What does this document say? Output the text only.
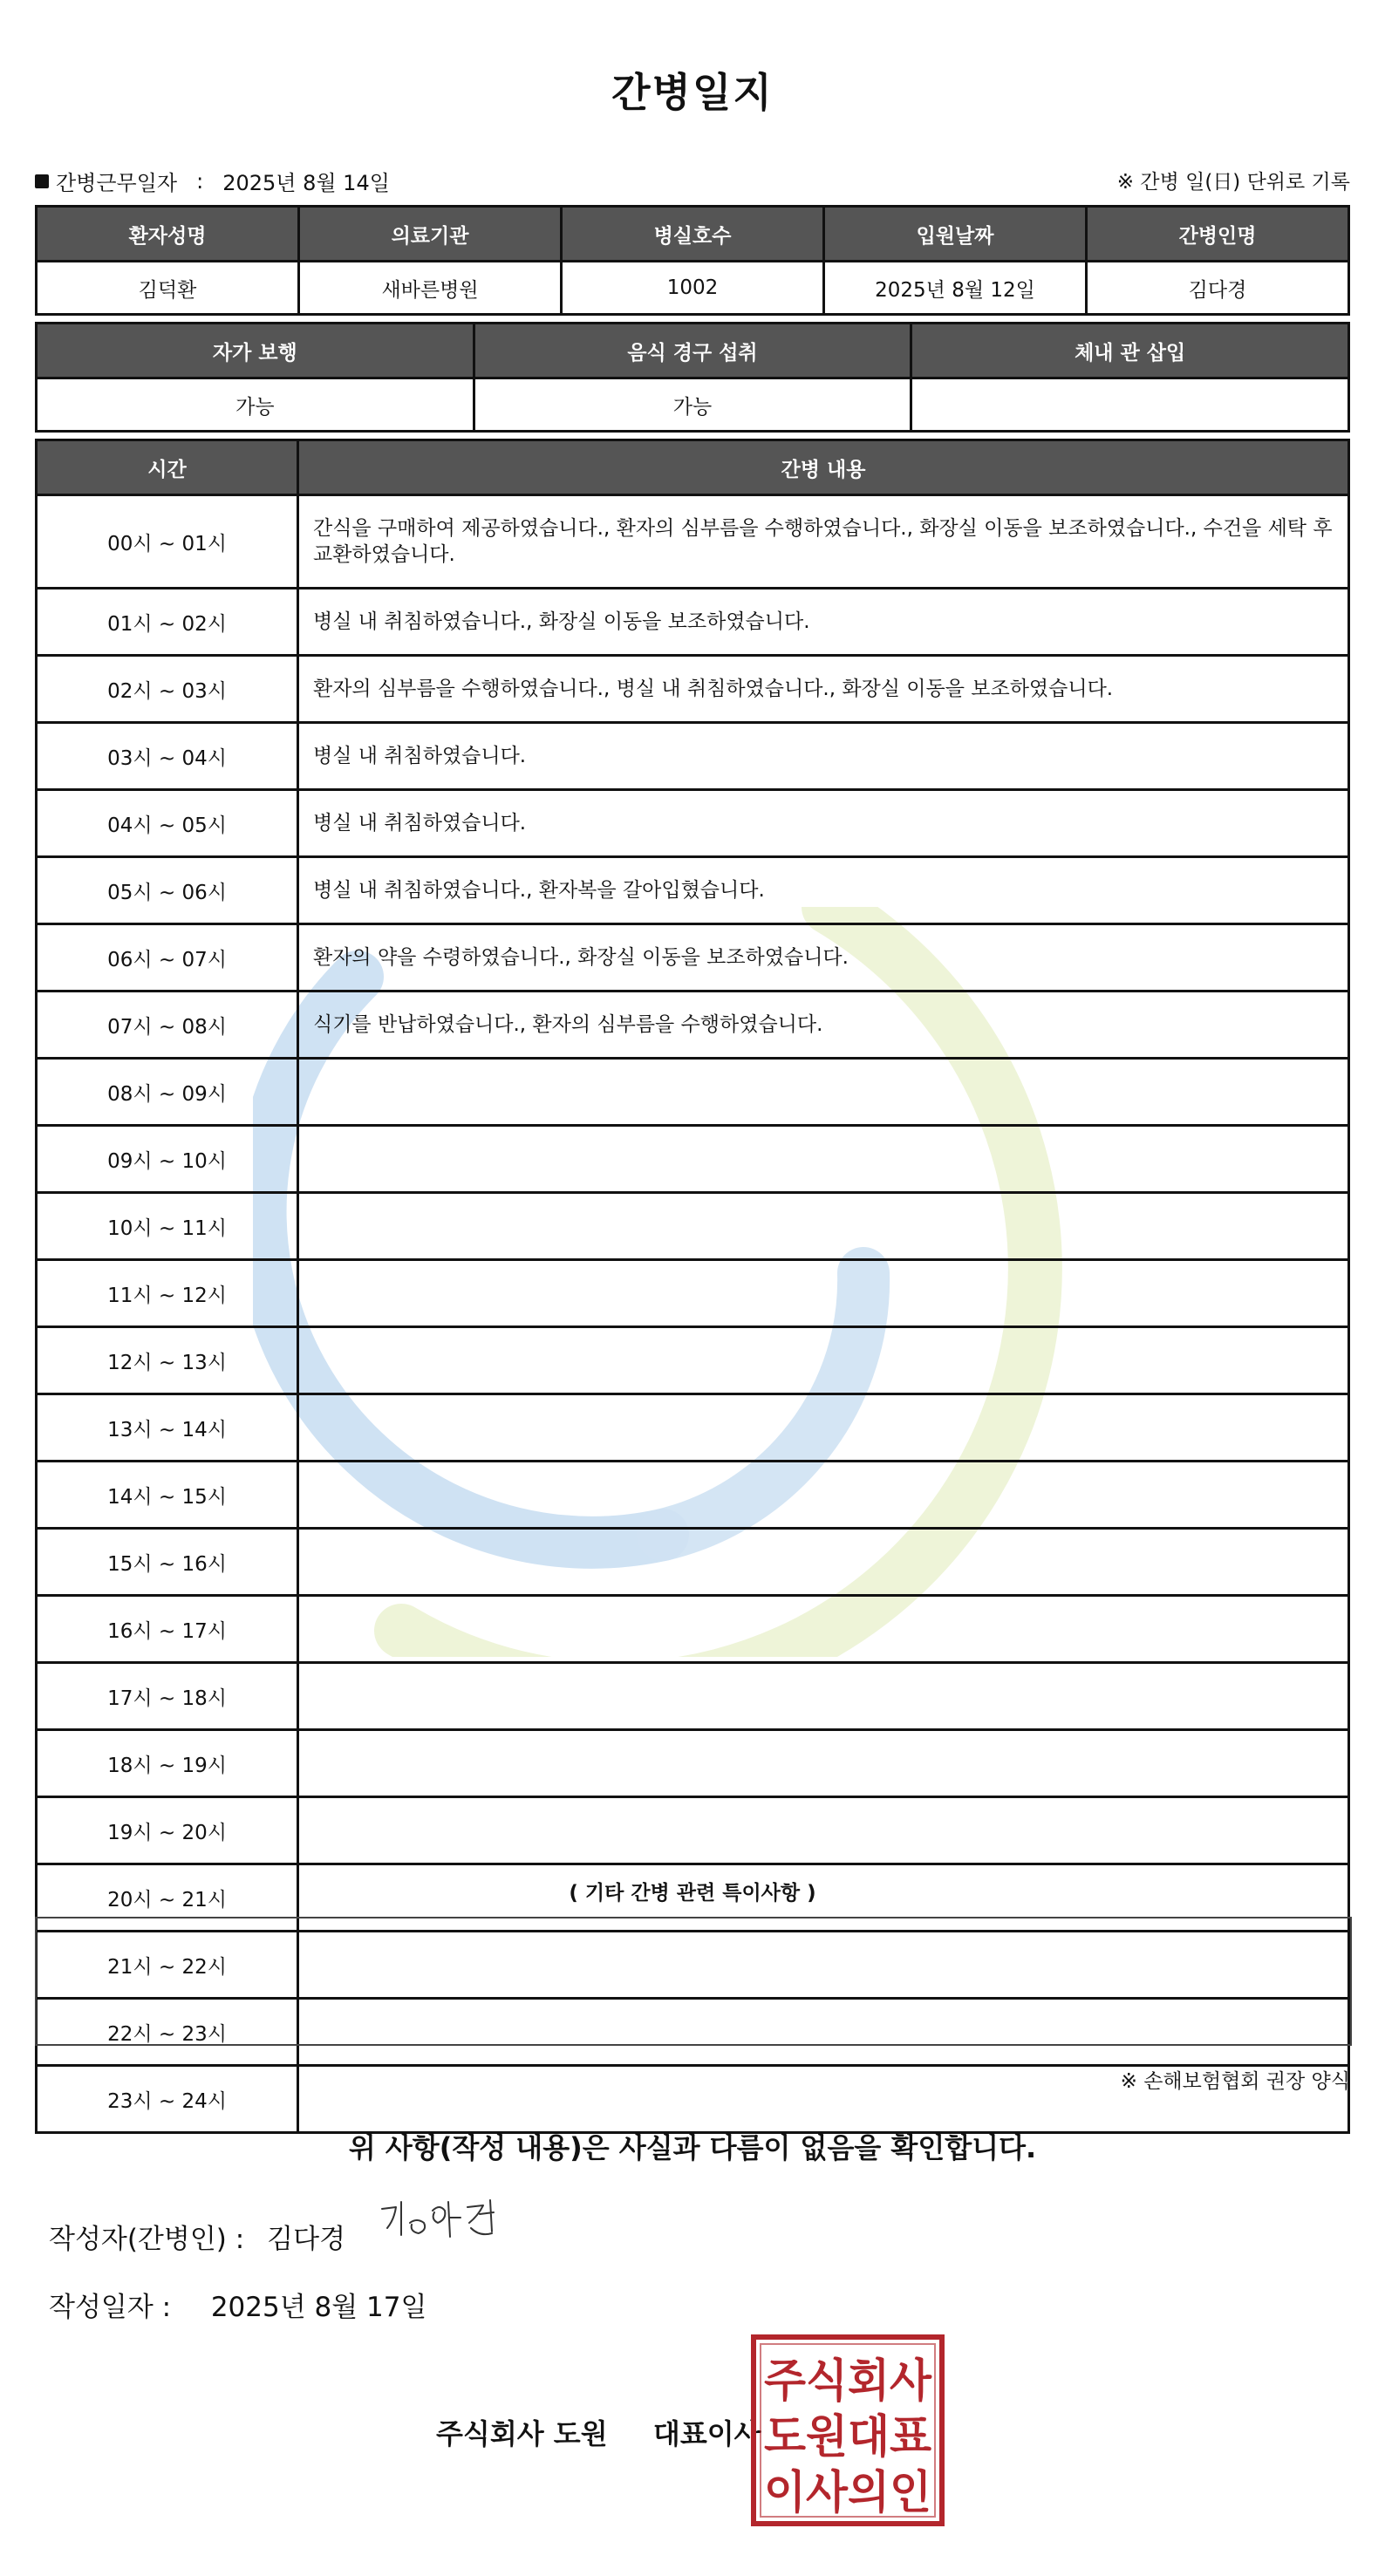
간병일지
간병근무일자 : 2025년 8월 14일	※ 간병 일(日) 단위로 기록
환자성명	의료기관	병실호수	입원날짜	간병인명
김덕환	새바른병원	1002	2025년 8월 12일	김다경
자가 보행	음식 경구 섭취	체내 관 삽입
가능	가능	
시간	간병 내용
00시 ~ 01시	간식을 구매하여 제공하였습니다., 환자의 심부름을 수행하였습니다., 화장실 이동을 보조하였습니다., 수건을 세탁 후 교환하였습니다.
01시 ~ 02시	병실 내 취침하였습니다., 화장실 이동을 보조하였습니다.
02시 ~ 03시	환자의 심부름을 수행하였습니다., 병실 내 취침하였습니다., 화장실 이동을 보조하였습니다.
03시 ~ 04시	병실 내 취침하였습니다.
04시 ~ 05시	병실 내 취침하였습니다.
05시 ~ 06시	병실 내 취침하였습니다., 환자복을 갈아입혔습니다.
06시 ~ 07시	환자의 약을 수령하였습니다., 화장실 이동을 보조하였습니다.
07시 ~ 08시	식기를 반납하였습니다., 환자의 심부름을 수행하였습니다.
08시 ~ 09시	
09시 ~ 10시	
10시 ~ 11시	
11시 ~ 12시	
12시 ~ 13시	
13시 ~ 14시	
14시 ~ 15시	
15시 ~ 16시	
16시 ~ 17시	
17시 ~ 18시	
18시 ~ 19시	
19시 ~ 20시	
20시 ~ 21시	
21시 ~ 22시	
22시 ~ 23시	
23시 ~ 24시	
( 기타 간병 관련 특이사항 )
※ 손해보험협회 권장 양식
위 사항(작성 내용)은 사실과 다름이 없음을 확인합니다.
작성자(간병인) : 김다경
작성일자 : 2025년 8월 17일
주식회사 도원 대표이사
주식회사
도원대표
이사의인
